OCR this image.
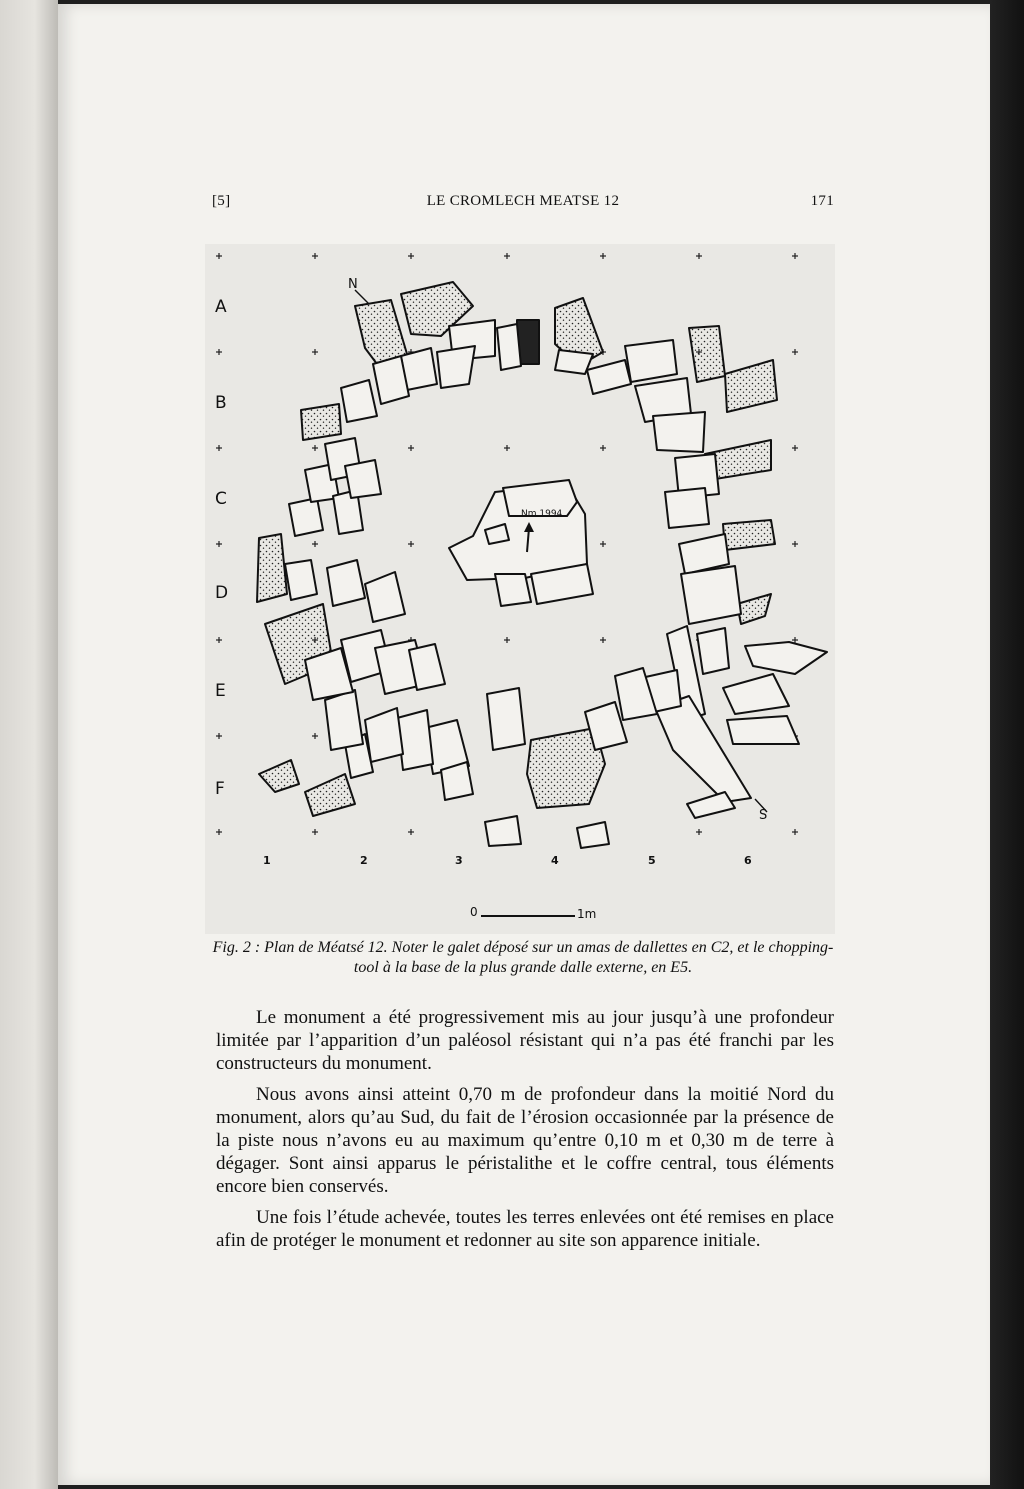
[5]	LE CROMLECH MEATSE 12	171
A
B
C
D
E
F
1	2	3	4	5	6
N
S
Nm 1994
0	1m
Fig. 2 : Plan de Méatsé 12. Noter le galet déposé sur un amas de dallettes en C2, et le chopping-tool à la base de la plus grande dalle externe, en E5.

Le monument a été progressivement mis au jour jusqu’à une profondeur limitée par l’apparition d’un paléosol résistant qui n’a pas été franchi par les constructeurs du monument.

Nous avons ainsi atteint 0,70 m de profondeur dans la moitié Nord du monument, alors qu’au Sud, du fait de l’érosion occasionnée par la présence de la piste nous n’avons eu au maximum qu’entre 0,10 m et 0,30 m de terre à dégager. Sont ainsi apparus le péristalithe et le coffre central, tous éléments encore bien conservés.

Une fois l’étude achevée, toutes les terres enlevées ont été remises en place afin de protéger le monument et redonner au site son apparence initiale.
